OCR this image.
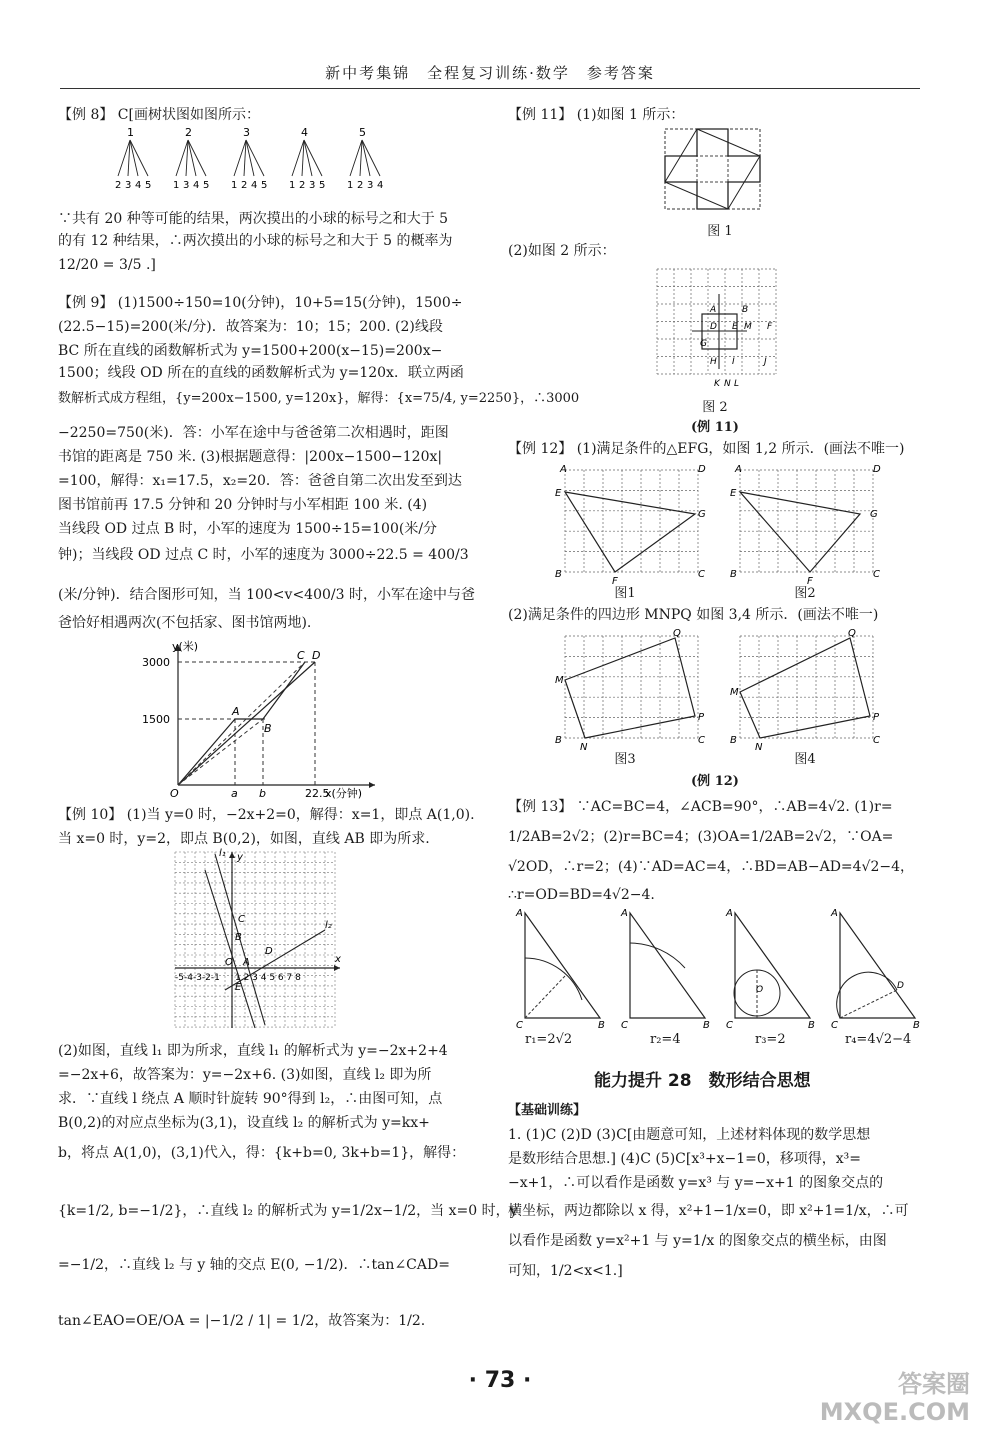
新中考集锦　全程复习训练·数学　参考答案
【例 8】 C[画树状图如图所示：
1
2 3 4 5
2
1 3 4 5
3
1 2 4 5
4
1 2 3 5
5
1 2 3 4
∵共有 20 种等可能的结果，两次摸出的小球的标号之和大于 5
的有 12 种结果，∴两次摸出的小球的标号之和大于 5 的概率为
12/20 = 3/5 .]
【例 9】 (1)1500÷150=10(分钟)，10+5=15(分钟)，1500÷
(22.5−15)=200(米/分)．故答案为：10；15；200. (2)线段
BC 所在直线的函数解析式为 y=1500+200(x−15)=200x−
1500；线段 OD 所在的直线的函数解析式为 y=120x．联立两函
数解析式成方程组，{y=200x−1500, y=120x}，解得：{x=75/4, y=2250}，∴3000
−2250=750(米)．答：小军在途中与爸爸第二次相遇时，距图
书馆的距离是 750 米. (3)根据题意得：|200x−1500−120x|
=100，解得：x₁=17.5，x₂=20．答：爸爸自第二次出发至到达
图书馆前再 17.5 分钟和 20 分钟时与小军相距 100 米. (4)
当线段 OD 过点 B 时，小军的速度为 1500÷15=100(米/分
钟)；当线段 OD 过点 C 时，小军的速度为 3000÷22.5 = 400/3
(米/分钟)．结合图形可知，当 100<v<400/3 时，小军在途中与爸
爸恰好相遇两次(不包括家、图书馆两地).
y(米)
3000
1500
O	a b	22.5
x(分钟)
A
B
C D
【例 10】 (1)当 y=0 时，−2x+2=0，解得：x=1，即点 A(1,0).
当 x=0 时，y=2，即点 B(0,2)，如图，直线 AB 即为所求.
l₁ y
x
l₂
-5-4-3-2-1 1 2 3 4 5 6 7 8
O A
B
C
D
E
(2)如图，直线 l₁ 即为所求，直线 l₁ 的解析式为 y=−2x+2+4
=−2x+6，故答案为：y=−2x+6. (3)如图，直线 l₂ 即为所
求．∵直线 l 绕点 A 顺时针旋转 90°得到 l₂，∴由图可知，点
B(0,2)的对应点坐标为(3,1)，设直线 l₂ 的解析式为 y=kx+
b，将点 A(1,0)，(3,1)代入，得：{k+b=0, 3k+b=1}，解得：
{k=1/2, b=−1/2}，∴直线 l₂ 的解析式为 y=1/2x−1/2，当 x=0 时，y
=−1/2，∴直线 l₂ 与 y 轴的交点 E(0, −1/2)．∴tan∠CAD=
tan∠EAO=OE/OA = |−1/2 / 1| = 1/2，故答案为：1/2.
【例 11】 (1)如图 1 所示：
图 1
(2)如图 2 所示：
A	B
D E M F
G
H I	J
K N L
图 2
(例 11)
【例 12】 (1)满足条件的△EFG，如图 1,2 所示．(画法不唯一)
A	D
E
G
B
F
C
A	D
E
G
B
F
C
图1	图2
(2)满足条件的四边形 MNPQ 如图 3,4 所示．(画法不唯一)
M
Q
P
N
B	C
M
Q
P
N
B	C
图3	图4
(例 12)
【例 13】 ∵AC=BC=4，∠ACB=90°，∴AB=4√2. (1)r=
1/2AB=2√2；(2)r=BC=4；(3)OA=1/2AB=2√2，∵OA=
√2OD，∴r=2；(4)∵AD=AC=4，∴BD=AB−AD=4√2−4，
∴r=OD=BD=4√2−4.
A
C	B
A
C	B
A
O
C	B
A
D
C	B
r₁=2√2	r₂=4	r₃=2	r₄=4√2−4
能力提升 28　数形结合思想
【基础训练】
1. (1)C (2)D (3)C[由题意可知，上述材料体现的数学思想
是数形结合思想.] (4)C (5)C[x³+x−1=0，移项得，x³=
−x+1，∴可以看作是函数 y=x³ 与 y=−x+1 的图象交点的
横坐标，两边都除以 x 得，x²+1−1/x=0，即 x²+1=1/x，∴可
以看作是函数 y=x²+1 与 y=1/x 的图象交点的横坐标，由图
可知，1/2<x<1.]
· 73 ·	答案圈
MXQE.COM
